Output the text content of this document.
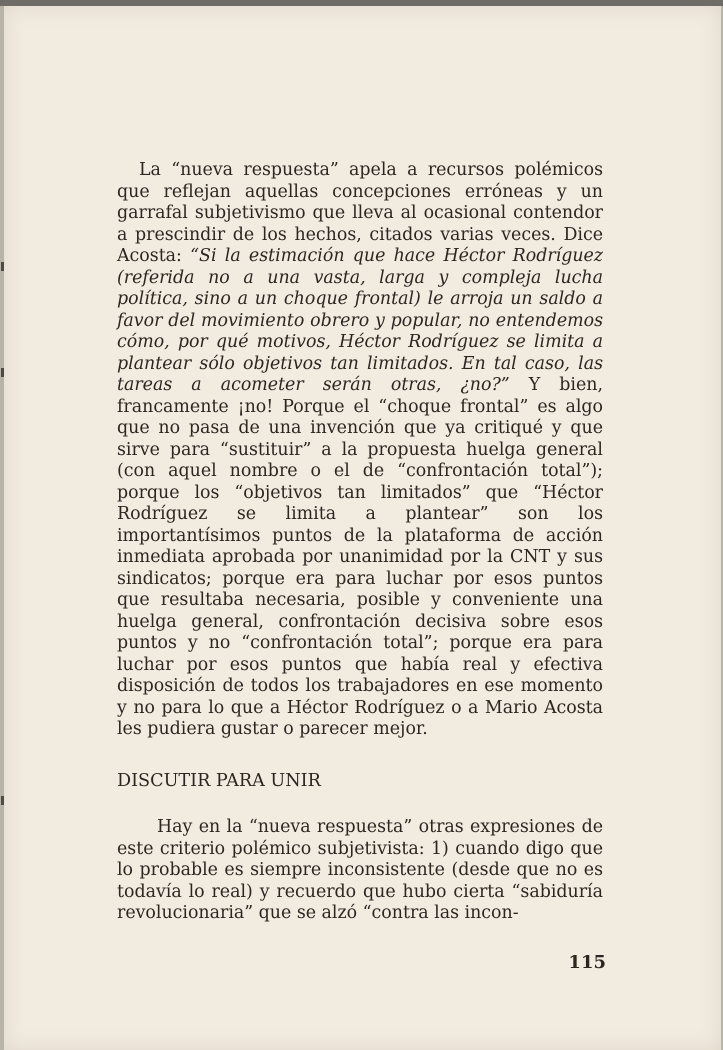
La “nueva respuesta” apela a recursos polémicos que reflejan aquellas concepciones erróneas y un garrafal subjetivismo que lleva al ocasional contendor a prescindir de los hechos, citados varias veces. Dice Acosta: “Si la estimación que hace Héctor Rodríguez (referida no a una vasta, larga y compleja lucha política, sino a un choque frontal) le arroja un saldo a favor del movimiento obrero y popular, no entendemos cómo, por qué motivos, Héctor Rodríguez se limita a plantear sólo objetivos tan limitados. En tal caso, las tareas a acometer serán otras, ¿no?” Y bien, francamente ¡no! Porque el “choque frontal” es algo que no pasa de una invención que ya critiqué y que sirve para “sustituir” a la propuesta huelga general (con aquel nombre o el de “confrontación total”); porque los “objetivos tan limitados” que “Héctor Rodríguez se limita a plantear” son los importantísimos puntos de la plataforma de acción inmediata aprobada por unanimidad por la CNT y sus sindicatos; porque era para luchar por esos puntos que resultaba necesaria, posible y conveniente una huelga general, confrontación decisiva sobre esos puntos y no “confrontación total”; porque era para luchar por esos puntos que había real y efectiva disposición de todos los trabajadores en ese momento y no para lo que a Héctor Rodríguez o a Mario Acosta les pudiera gustar o parecer mejor.

DISCUTIR PARA UNIR

Hay en la “nueva respuesta” otras expresiones de este criterio polémico subjetivista: 1) cuando digo que lo probable es siempre inconsistente (desde que no es todavía lo real) y recuerdo que hubo cierta “sabiduría revolucionaria” que se alzó “contra las incon-

115
